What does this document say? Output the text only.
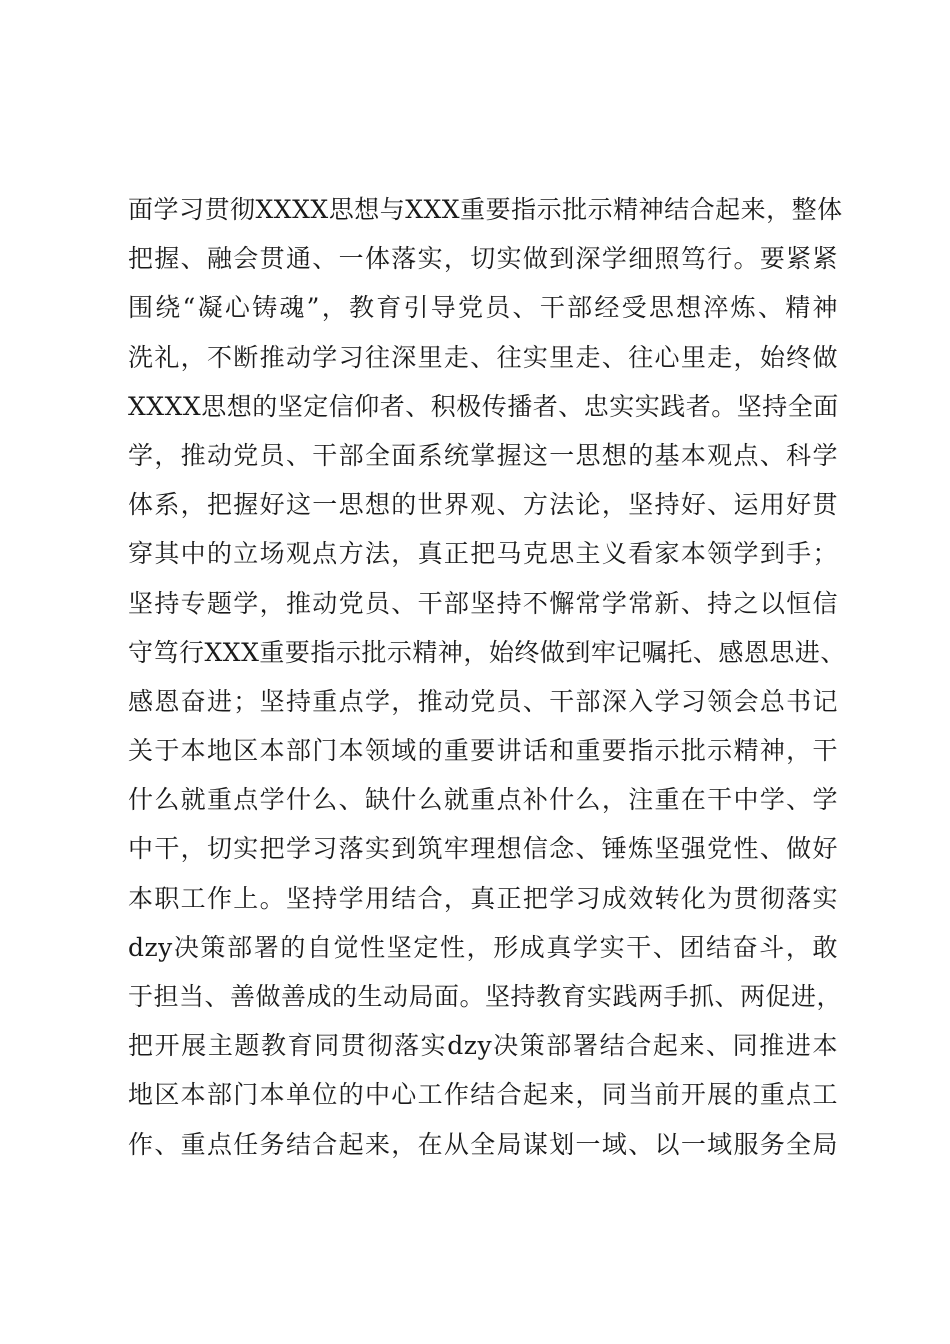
面学习贯彻XXXX思想与XXX重要指示批示精神结合起来，整体
把握、融会贯通、一体落实，切实做到深学细照笃行。要紧紧
围绕“凝心铸魂”，教育引导党员、干部经受思想淬炼、精神
洗礼，不断推动学习往深里走、往实里走、往心里走，始终做
XXXX思想的坚定信仰者、积极传播者、忠实实践者。坚持全面
学，推动党员、干部全面系统掌握这一思想的基本观点、科学
体系，把握好这一思想的世界观、方法论，坚持好、运用好贯
穿其中的立场观点方法，真正把马克思主义看家本领学到手；
坚持专题学，推动党员、干部坚持不懈常学常新、持之以恒信
守笃行XXX重要指示批示精神，始终做到牢记嘱托、感恩思进、
感恩奋进；坚持重点学，推动党员、干部深入学习领会总书记
关于本地区本部门本领域的重要讲话和重要指示批示精神，干
什么就重点学什么、缺什么就重点补什么，注重在干中学、学
中干，切实把学习落实到筑牢理想信念、锤炼坚强党性、做好
本职工作上。坚持学用结合，真正把学习成效转化为贯彻落实
dzy决策部署的自觉性坚定性，形成真学实干、团结奋斗，敢
于担当、善做善成的生动局面。坚持教育实践两手抓、两促进，
把开展主题教育同贯彻落实dzy决策部署结合起来、同推进本
地区本部门本单位的中心工作结合起来，同当前开展的重点工
作、重点任务结合起来，在从全局谋划一域、以一域服务全局
